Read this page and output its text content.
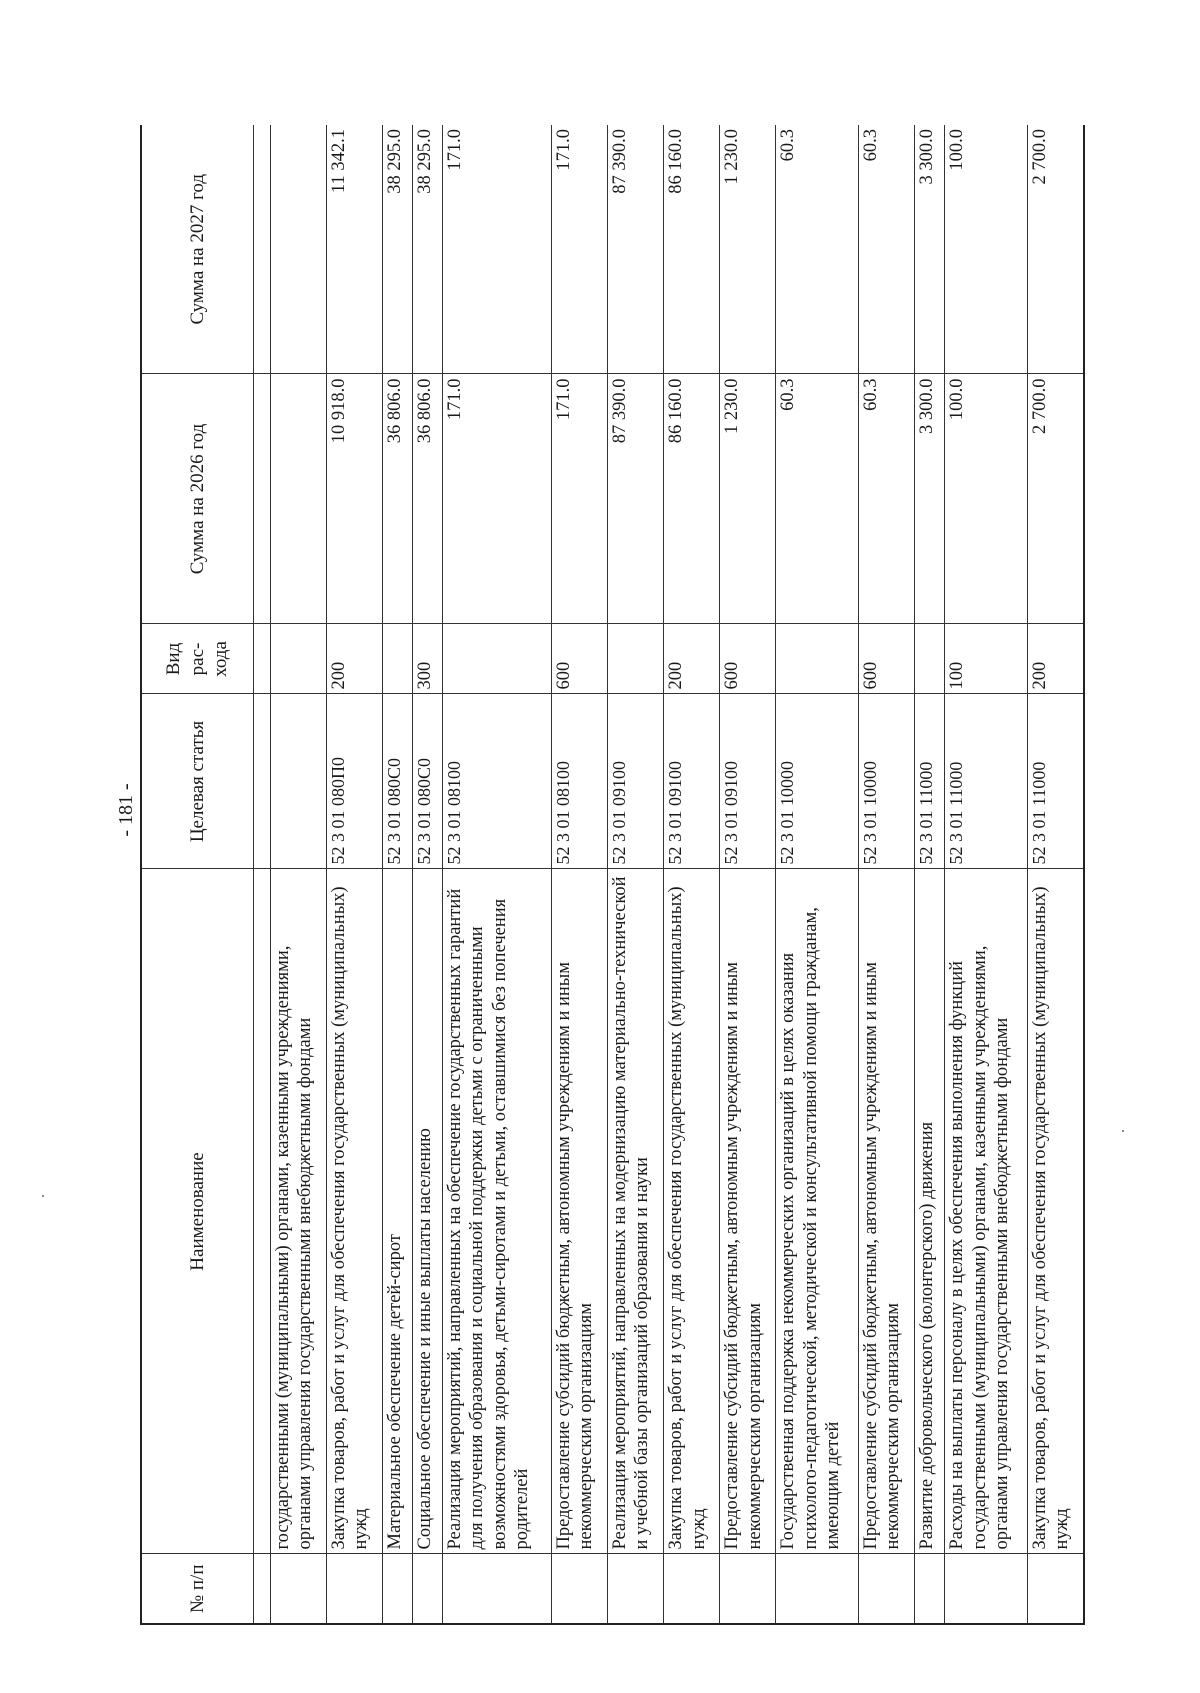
- 181 -
№ п/п	Наименование	Целевая статья	Вид рас-хода	Сумма на 2026 год	Сумма на 2027 год

	государственными (муниципальными) органами, казенными учреждениями, органами управления государственными внебюджетными фондами				
	Закупка товаров, работ и услуг для обеспечения государственных (муниципальных) нужд	52 3 01 080П0	200	10 918.0	11 342.1
	Материальное обеспечение детей-сирот	52 3 01 080С0		36 806.0	38 295.0
	Социальное обеспечение и иные выплаты населению	52 3 01 080С0	300	36 806.0	38 295.0
	Реализация мероприятий, направленных на обеспечение государственных гарантий для получения образования и социальной поддержки детьми с ограниченными возможностями здоровья, детьми-сиротами и детьми, оставшимися без попечения родителей	52 3 01 08100		171.0	171.0
	Предоставление субсидий бюджетным, автономным учреждениям и иным некоммерческим организациям	52 3 01 08100	600	171.0	171.0
	Реализация мероприятий, направленных на модернизацию материально-технической и учебной базы организаций образования и науки	52 3 01 09100		87 390.0	87 390.0
	Закупка товаров, работ и услуг для обеспечения государственных (муниципальных) нужд	52 3 01 09100	200	86 160.0	86 160.0
	Предоставление субсидий бюджетным, автономным учреждениям и иным некоммерческим организациям	52 3 01 09100	600	1 230.0	1 230.0
	Государственная поддержка некоммерческих организаций в целях оказания психолого-педагогической, методической и консультативной помощи гражданам, имеющим детей	52 3 01 10000		60.3	60.3
	Предоставление субсидий бюджетным, автономным учреждениям и иным некоммерческим организациям	52 3 01 10000	600	60.3	60.3
	Развитие добровольческого (волонтерского) движения	52 3 01 11000		3 300.0	3 300.0
	Расходы на выплаты персоналу в целях обеспечения выполнения функций государственными (муниципальными) органами, казенными учреждениями, органами управления государственными внебюджетными фондами	52 3 01 11000	100	100.0	100.0
	Закупка товаров, работ и услуг для обеспечения государственных (муниципальных) нужд	52 3 01 11000	200	2 700.0	2 700.0
